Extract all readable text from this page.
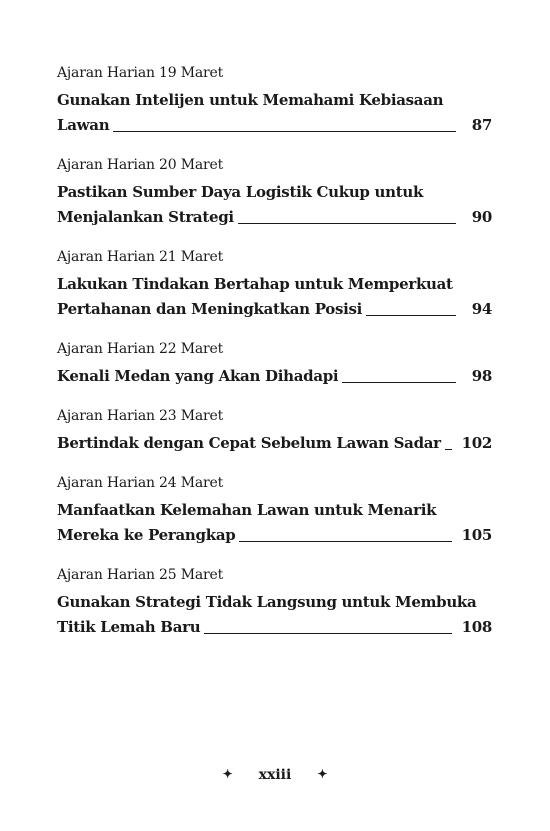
Ajaran Harian 19 Maret
Gunakan Intelijen untuk Memahami Kebiasaan
Lawan	87
Ajaran Harian 20 Maret
Pastikan Sumber Daya Logistik Cukup untuk
Menjalankan Strategi	90
Ajaran Harian 21 Maret
Lakukan Tindakan Bertahap untuk Memperkuat
Pertahanan dan Meningkatkan Posisi	94
Ajaran Harian 22 Maret
Kenali Medan yang Akan Dihadapi	98
Ajaran Harian 23 Maret
Bertindak dengan Cepat Sebelum Lawan Sadar 102
Ajaran Harian 24 Maret
Manfaatkan Kelemahan Lawan untuk Menarik
Mereka ke Perangkap	105
Ajaran Harian 25 Maret
Gunakan Strategi Tidak Langsung untuk Membuka
Titik Lemah Baru	108
✦ xxiii ✦
